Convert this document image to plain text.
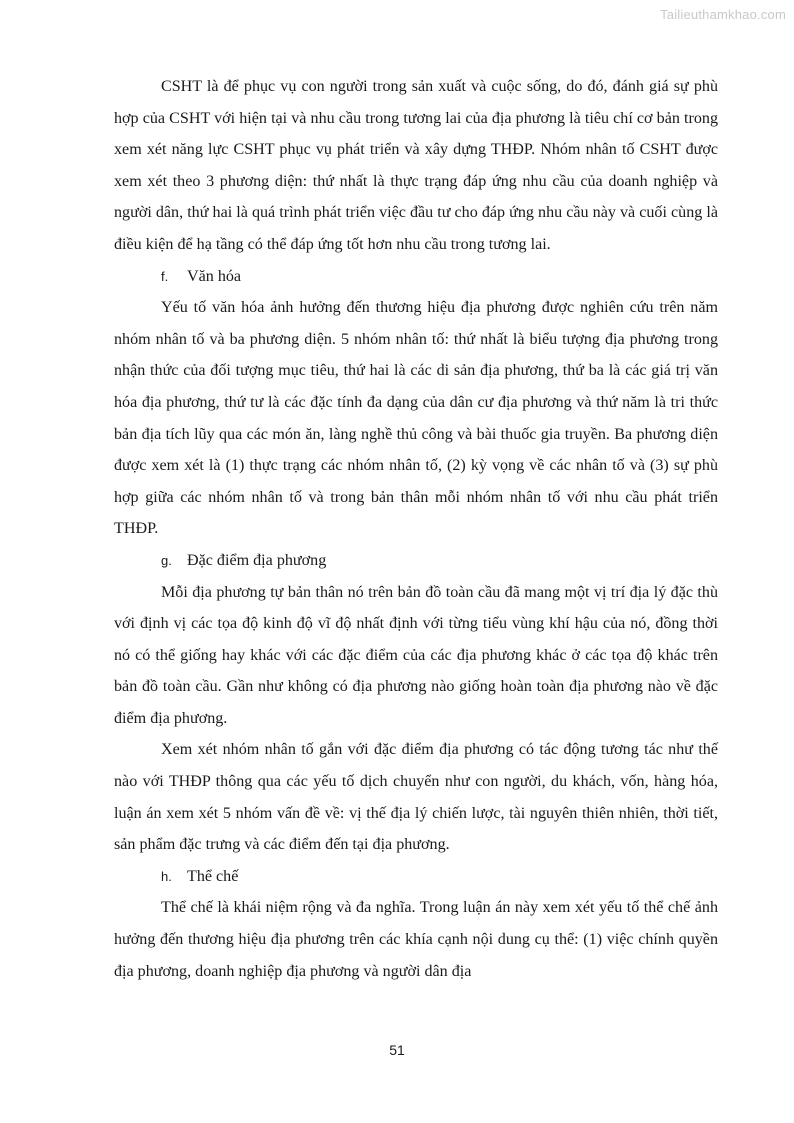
Tailieuthamkhao.com

CSHT là để phục vụ con người trong sản xuất và cuộc sống, do đó, đánh giá sự phù hợp của CSHT với hiện tại và nhu cầu trong tương lai của địa phương là tiêu chí cơ bản trong xem xét năng lực CSHT phục vụ phát triển và xây dựng THĐP. Nhóm nhân tố CSHT được xem xét theo 3 phương diện: thứ nhất là thực trạng đáp ứng nhu cầu của doanh nghiệp và người dân, thứ hai là quá trình phát triển việc đầu tư cho đáp ứng nhu cầu này và cuối cùng là điều kiện để hạ tầng có thể đáp ứng tốt hơn nhu cầu trong tương lai.

f.	Văn hóa

Yếu tố văn hóa ảnh hưởng đến thương hiệu địa phương được nghiên cứu trên năm nhóm nhân tố và ba phương diện. 5 nhóm nhân tố: thứ nhất là biểu tượng địa phương trong nhận thức của đối tượng mục tiêu, thứ hai là các di sản địa phương, thứ ba là các giá trị văn hóa địa phương, thứ tư là các đặc tính đa dạng của dân cư địa phương và thứ năm là tri thức bản địa tích lũy qua các món ăn, làng nghề thủ công và bài thuốc gia truyền. Ba phương diện được xem xét là (1) thực trạng các nhóm nhân tố, (2) kỳ vọng về các nhân tố và (3) sự phù hợp giữa các nhóm nhân tố và trong bản thân mỗi nhóm nhân tố với nhu cầu phát triển THĐP.

g. Đặc điểm địa phương

Mỗi địa phương tự bản thân nó trên bản đồ toàn cầu đã mang một vị trí địa lý đặc thù với định vị các tọa độ kinh độ vĩ độ nhất định với từng tiểu vùng khí hậu của nó, đồng thời nó có thể giống hay khác với các đặc điểm của các địa phương khác ở các tọa độ khác trên bản đồ toàn cầu. Gần như không có địa phương nào giống hoàn toàn địa phương nào về đặc điểm địa phương.

Xem xét nhóm nhân tố gắn với đặc điểm địa phương có tác động tương tác như thế nào với THĐP thông qua các yếu tố dịch chuyển như con người, du khách, vốn, hàng hóa, luận án xem xét 5 nhóm vấn đề về: vị thế địa lý chiến lược, tài nguyên thiên nhiên, thời tiết, sản phẩm đặc trưng và các điểm đến tại địa phương.

h. Thể chế

Thể chế là khái niệm rộng và đa nghĩa. Trong luận án này xem xét yếu tố thể chế ảnh hưởng đến thương hiệu địa phương trên các khía cạnh nội dung cụ thể: (1) việc chính quyền địa phương, doanh nghiệp địa phương và người dân địa

51
